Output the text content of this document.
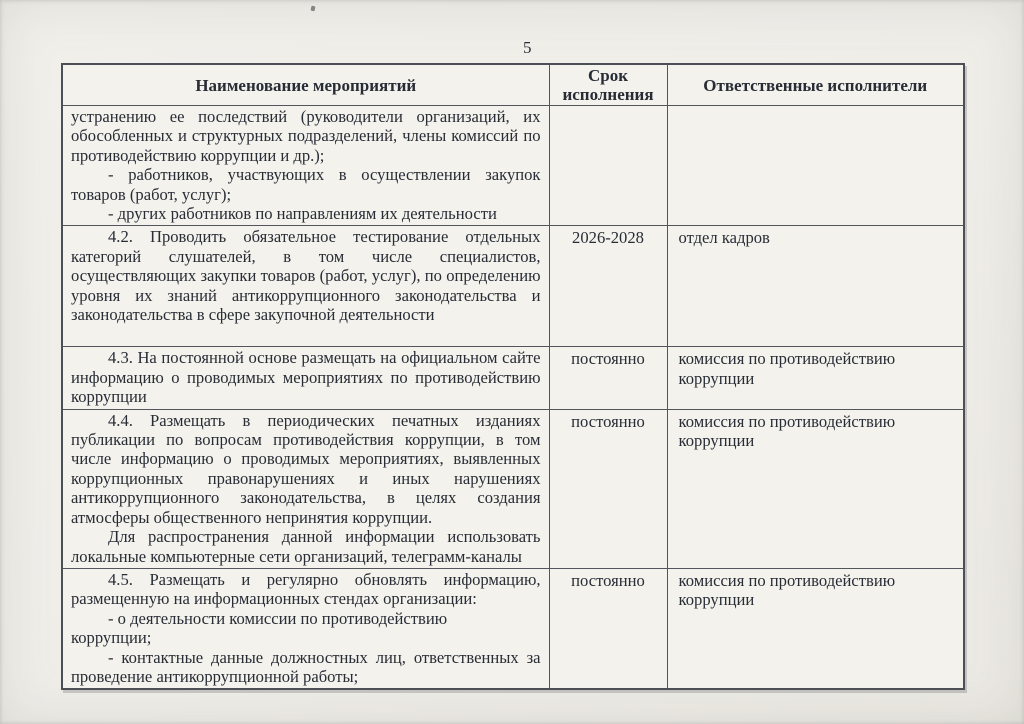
5
Наименование мероприятий	Срок исполнения	Ответственные исполнители

устранению ее последствий (руководители организаций, их обособленных и структурных подразделений, члены комиссий по противодействию коррупции и др.);

- работников, участвующих в осуществлении закупок товаров (работ, услуг);

- других работников по направлениям их деятельности		

4.2. Проводить обязательное тестирование отдельных категорий слушателей, в том числе специалистов, осуществляющих закупки товаров (работ, услуг), по определению уровня их знаний антикоррупционного законодательства и законодательства в сфере закупочной деятельности	2026-2028	отдел кадров

4.3. На постоянной основе размещать на официальном сайте информацию о проводимых мероприятиях по противодействию коррупции	постоянно	комиссия по противодействию коррупции

4.4. Размещать в периодических печатных изданиях публикации по вопросам противодействия коррупции, в том числе информацию о проводимых мероприятиях, выявленных коррупционных правонарушениях и иных нарушениях антикоррупционного законодательства, в целях создания атмосферы общественного непринятия коррупции.

Для распространения данной информации использовать локальные компьютерные сети организаций, телеграмм-каналы	постоянно	комиссия по противодействию коррупции

4.5. Размещать и регулярно обновлять информацию, размещенную на информационных стендах организации:

- о деятельности комиссии по противодействию
коррупции;

- контактные данные должностных лиц, ответственных за проведение антикоррупционной работы;	постоянно	комиссия по противодействию коррупции
